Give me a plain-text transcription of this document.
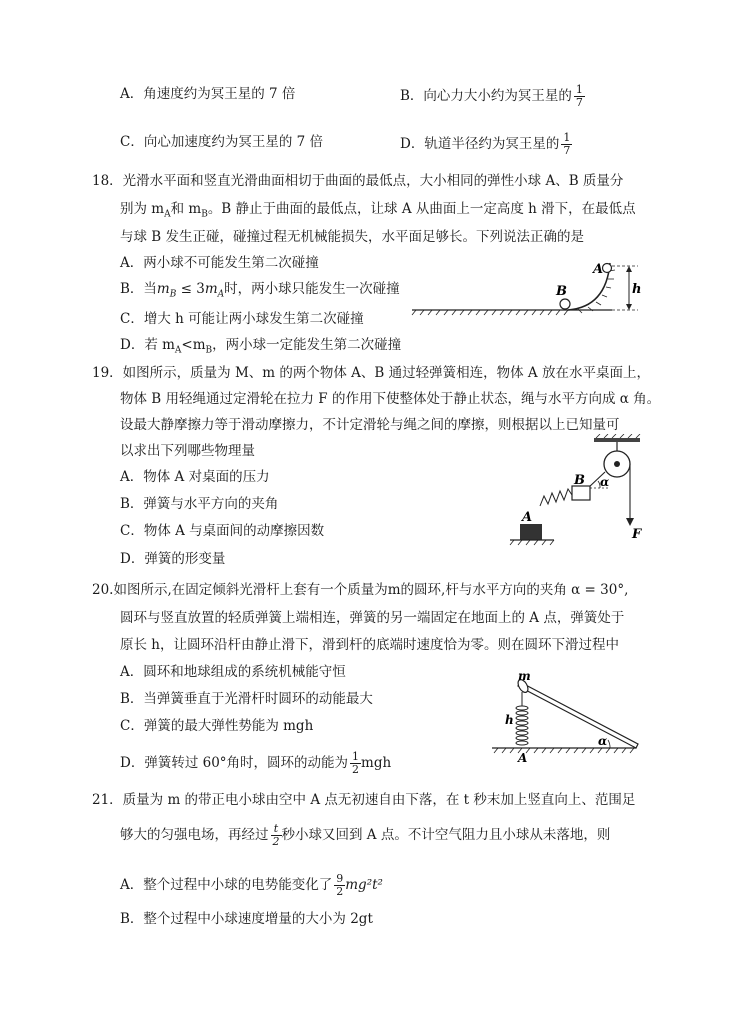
A．角速度约为冥王星的 7 倍	B．向心力大小约为冥王星的 $\frac{1}{7}$
C．向心加速度约为冥王星的 7 倍	D．轨道半径约为冥王星的 $\frac{1}{7}$
18．光滑水平面和竖直光滑曲面相切于曲面的最低点，大小相同的弹性小球 A、B 质量分
别为 $m_A$和 $m_B$。B 静止于曲面的最低点，让球 A 从曲面上一定高度 h 滑下，在最低点
与球 B 发生正碰，碰撞过程无机械能损失，水平面足够长。下列说法正确的是
A．两小球不可能发生第二次碰撞
B．当$m_B \le 3m_A$时，两小球只能发生一次碰撞
C．增大 h 可能让两小球发生第二次碰撞
D．若 $m_A<m_B$，两小球一定能发生第二次碰撞
B
A
h
19．如图所示，质量为 M、m 的两个物体 A、B 通过轻弹簧相连，物体 A 放在水平桌面上，
物体 B 用轻绳通过定滑轮在拉力 F 的作用下使整体处于静止状态，绳与水平方向成 α 角。
设最大静摩擦力等于滑动摩擦力，不计定滑轮与绳之间的摩擦，则根据以上已知量可
以求出下列哪些物理量
A．物体 A 对桌面的压力
B．弹簧与水平方向的夹角
C．物体 A 与桌面间的动摩擦因数
D．弹簧的形变量
F
B α
A
20.如图所示,在固定倾斜光滑杆上套有一个质量为m的圆环,杆与水平方向的夹角 α = 30°,
圆环与竖直放置的轻质弹簧上端相连，弹簧的另一端固定在地面上的 A 点，弹簧处于
原长 h，让圆环沿杆由静止滑下，滑到杆的底端时速度恰为零。则在圆环下滑过程中
A．圆环和地球组成的系统机械能守恒
B．当弹簧垂直于光滑杆时圆环的动能最大
C．弹簧的最大弹性势能为 mgh
D．弹簧转过 60°角时，圆环的动能为 $\frac{1}{2}$ mgh
m
h
A
α
21．质量为 m 的带正电小球由空中 A 点无初速自由下落，在 t 秒末加上竖直向上、范围足
够大的匀强电场，再经过 $\frac{t}{2}$ 秒小球又回到 A 点。不计空气阻力且小球从未落地，则
A．整个过程中小球的电势能变化了 $\frac{9}{2} mg^2t^2$
B．整个过程中小球速度增量的大小为 2gt
